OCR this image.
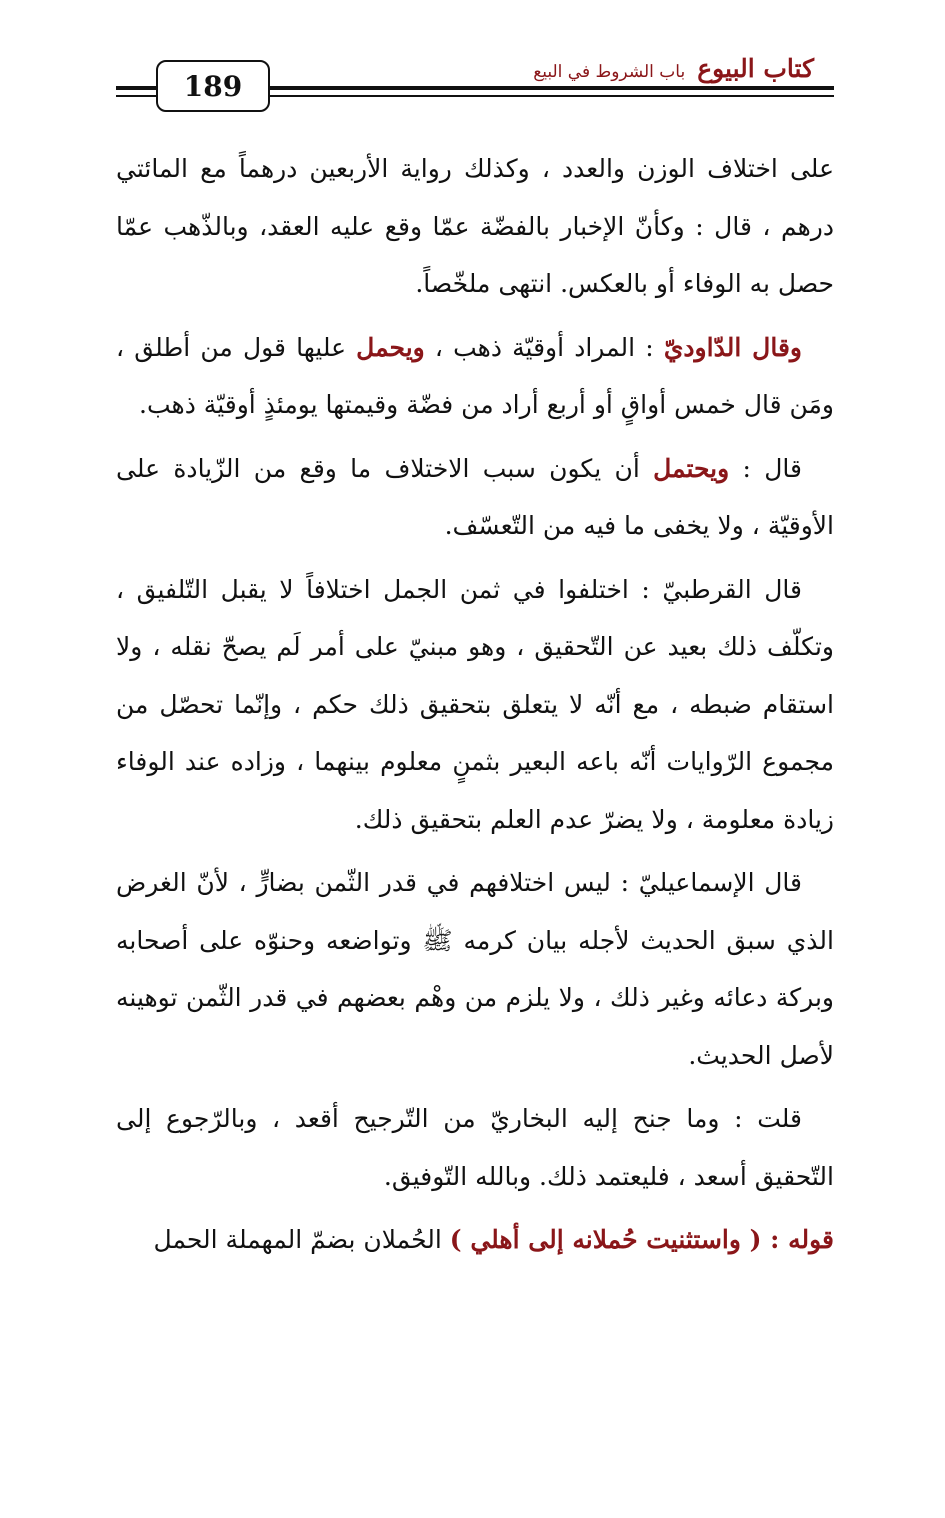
189
كتاب البيوع
باب الشروط في البيع

على اختلاف الوزن والعدد ، وكذلك رواية الأربعين درهماً مع المائتي درهم ، قال : وكأنّ الإخبار بالفضّة عمّا وقع عليه العقد، وبالذّهب عمّا حصل به الوفاء أو بالعكس. انتهى ملخّصاً.

وقال الدّاوديّ : المراد أوقيّة ذهب ، ويحمل عليها قول من أطلق ، ومَن قال خمس أواقٍ أو أربع أراد من فضّة وقيمتها يومئذٍ أوقيّة ذهب.

قال : ويحتمل أن يكون سبب الاختلاف ما وقع من الزّيادة على الأوقيّة ، ولا يخفى ما فيه من التّعسّف.

قال القرطبيّ : اختلفوا في ثمن الجمل اختلافاً لا يقبل التّلفيق ، وتكلّف ذلك بعيد عن التّحقيق ، وهو مبنيّ على أمر لَم يصحّ نقله ، ولا استقام ضبطه ، مع أنّه لا يتعلق بتحقيق ذلك حكم ، وإنّما تحصّل من مجموع الرّوايات أنّه باعه البعير بثمنٍ معلوم بينهما ، وزاده عند الوفاء زيادة معلومة ، ولا يضرّ عدم العلم بتحقيق ذلك.

قال الإسماعيليّ : ليس اختلافهم في قدر الثّمن بضارٍّ ، لأنّ الغرض الذي سبق الحديث لأجله بيان كرمه ﷺ وتواضعه وحنوّه على أصحابه وبركة دعائه وغير ذلك ، ولا يلزم من وهْم بعضهم في قدر الثّمن توهينه لأصل الحديث.

قلت : وما جنح إليه البخاريّ من التّرجيح أقعد ، وبالرّجوع إلى التّحقيق أسعد ، فليعتمد ذلك. وبالله التّوفيق.

قوله : ( واستثنيت حُملانه إلى أهلي ) الحُملان بضمّ المهملة الحمل
